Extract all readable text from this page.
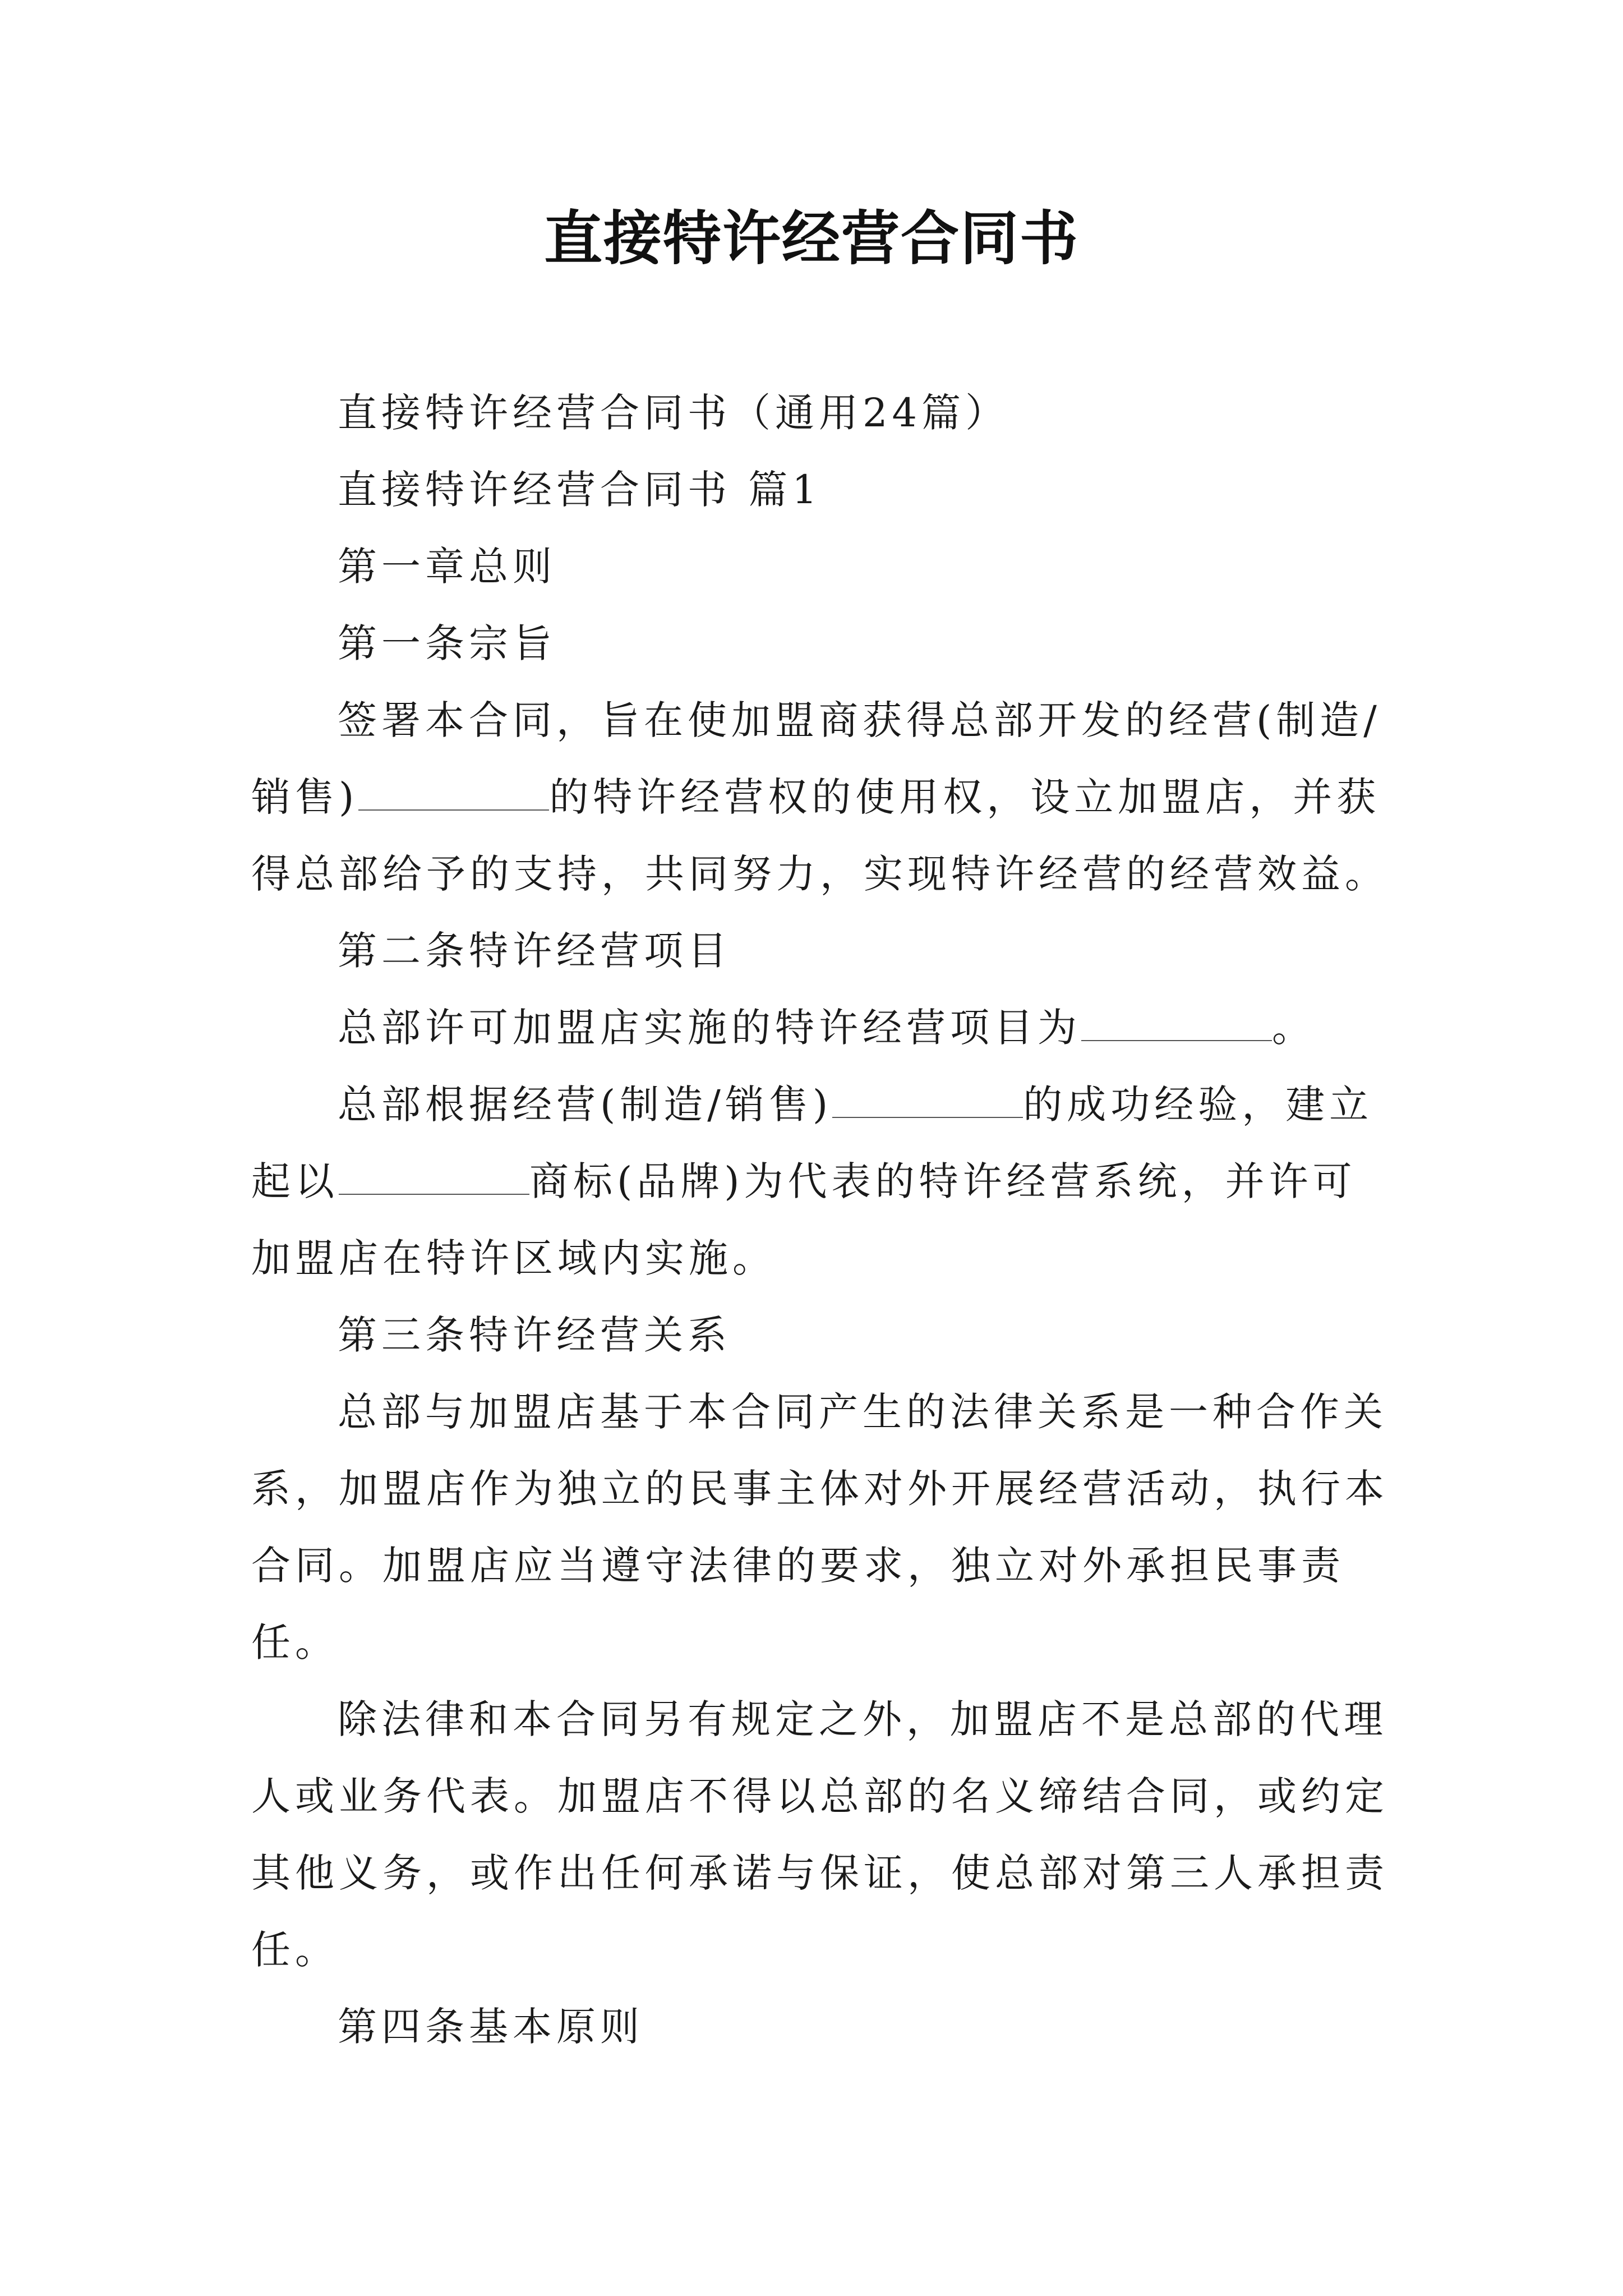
直接特许经营合同书

直接特许经营合同书（通用24篇）

直接特许经营合同书 篇1

第一章总则

第一条宗旨

签署本合同，旨在使加盟商获得总部开发的经营(制造/销售)	的特许经营权的使用权，设立加盟店，并获得总部给予的支持，共同努力，实现特许经营的经营效益。

第二条特许经营项目

总部许可加盟店实施的特许经营项目为	。

总部根据经营(制造/销售)	的成功经验，建立起以	商标(品牌)为代表的特许经营系统，并许可加盟店在特许区域内实施。

第三条特许经营关系

总部与加盟店基于本合同产生的法律关系是一种合作关系，加盟店作为独立的民事主体对外开展经营活动，执行本合同。加盟店应当遵守法律的要求，独立对外承担民事责任。

除法律和本合同另有规定之外，加盟店不是总部的代理人或业务代表。加盟店不得以总部的名义缔结合同，或约定其他义务，或作出任何承诺与保证，使总部对第三人承担责任。

第四条基本原则
